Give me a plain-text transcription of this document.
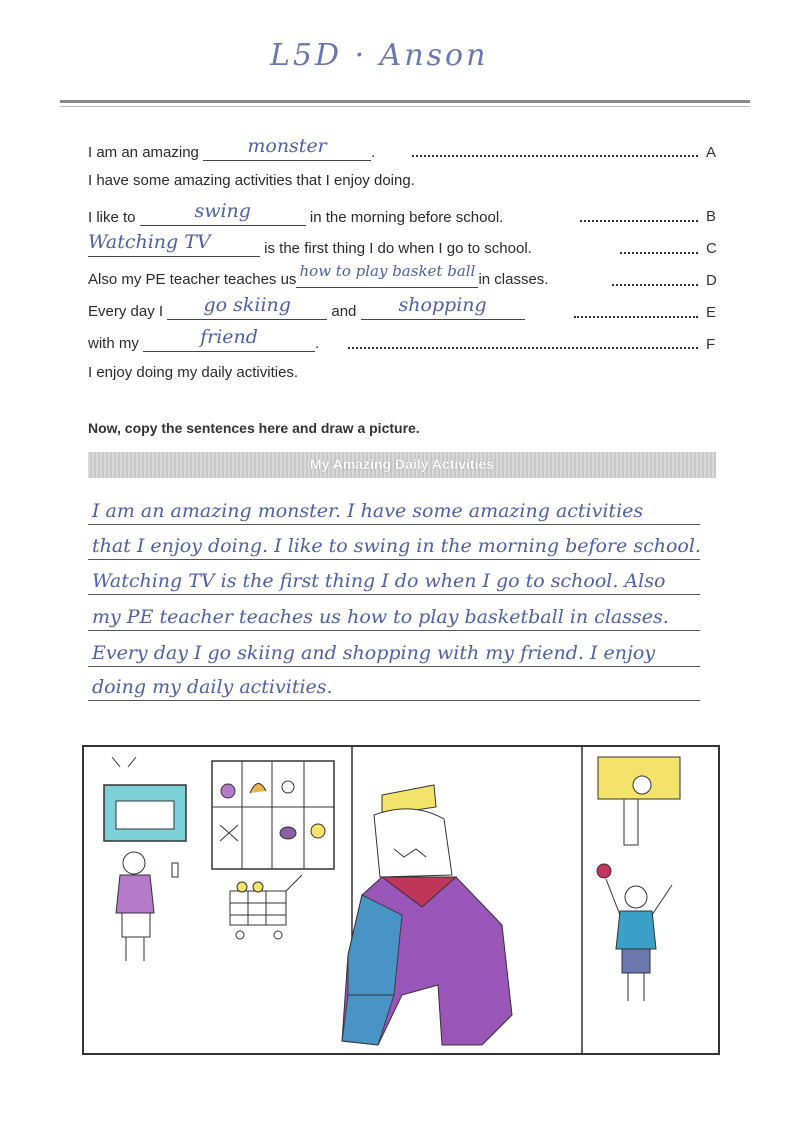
L5D · Anson
I am an amazing	monster	.	A
I have some amazing activities that I enjoy doing.
I like to	swing	in the morning before school.	B
Watching TV	is the first thing I do when I go to school.	C
Also my PE teacher teaches us how to play basket ball in classes.	D
Every day I go skiing	and shopping	E
with my	friend	.	F
I enjoy doing my daily activities.
Now, copy the sentences here and draw a picture.
My Amazing Daily Activities
I am an amazing monster. I have some amazing activities
that I enjoy doing. I like to swing in the morning before school.
Watching TV is the first thing I do when I go to school. Also
my PE teacher teaches us how to play basketball in classes.
Every day I go skiing and shopping with my friend. I enjoy
doing my daily activities.
